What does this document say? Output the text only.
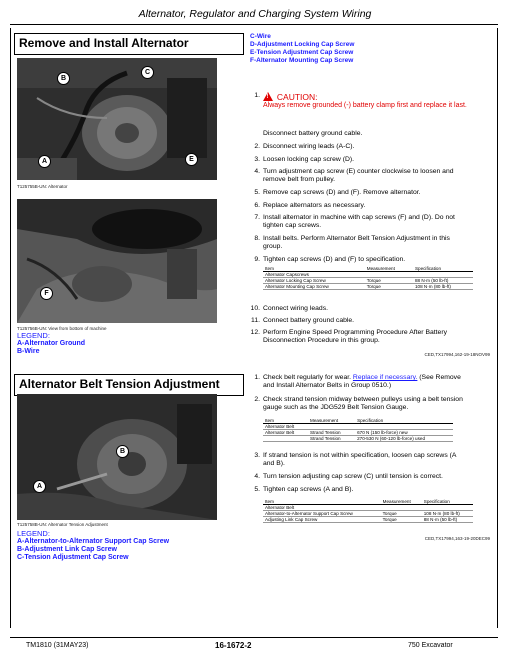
Alternator, Regulator and Charging System Wiring
Remove and Install Alternator	C-Wire
D-Adjustment Locking Cap Screw
E-Tension Adjustment Cap Screw
F-Alternator Mounting Cap Screw
B
C
A	E
T125755B-UN: Alternator
F
T125756B-UN: View from bottom of machine
LEGEND:
A-Alternator Ground
B-Wire
1. !	CAUTION:
Always remove grounded (-) battery clamp first and replace it last.
Disconnect battery ground cable.
2. Disconnect wiring leads (A-C).
3. Loosen locking cap screw (D).
4. Turn adjustment cap screw (E) counter clockwise to loosen and remove belt from pulley.
5. Remove cap screws (D) and (F). Remove alternator.
6. Replace alternators as necessary.
7. Install alternator in machine with cap screws (F) and (D). Do not tighten cap screws.
8. Install belts. Perform Alternator Belt Tension Adjustment in this group.
9. Tighten cap screws (D) and (F) to specification.
10. Connect wiring leads.
11. Connect battery ground cable.
12. Perform Engine Speed Programming Procedure After Battery Disconnection Procedure in this group.
Item	Measurement	Specification
Alternator Capscrews		
Alternator Locking Cap Screw	Torque	88 N·m (50 lb-ft)
Alternator Mounting Cap Screw	Torque	108 N·m (80 lb-ft)
CED,TX17994,162-19-18NOV99
Alternator Belt Tension Adjustment
B
A
T125758B-UN: Alternator Tension Adjustment
LEGEND:
A-Alternator-to-Alternator Support Cap Screw
B-Adjustment Link Cap Screw
C-Tension Adjustment Cap Screw
1. Check belt regularly for wear. Replace if necessary. (See Remove and Install Alternator Belts in Group 0510.)
2. Check strand tension midway between pulleys using a belt tension gauge such as the JDG529 Belt Tension Gauge.
3. If strand tension is not within specification, loosen cap screws (A and B).
4. Turn tension adjusting cap screw (C) until tension is correct.
5. Tighten cap screws (A and B).
Item	Measurement	Specification
Alternator Belt		
Alternator Belt	Strand Tension	670 N (150 lb-force) new
	Strand Tension	270-530 N (60-120 lb-force) used
Item	Measurement	Specification
Alternator Belt		
Alternator-to-Alternator Support Cap Screw	Torque	108 N·m (80 lb-ft)
Adjusting Link Cap Screw	Torque	88 N·m (50 lb-ft)
CED,TX17994,163-19-20DEC99
TM1810 (31MAY23)	16-1672-2	750 Excavator
